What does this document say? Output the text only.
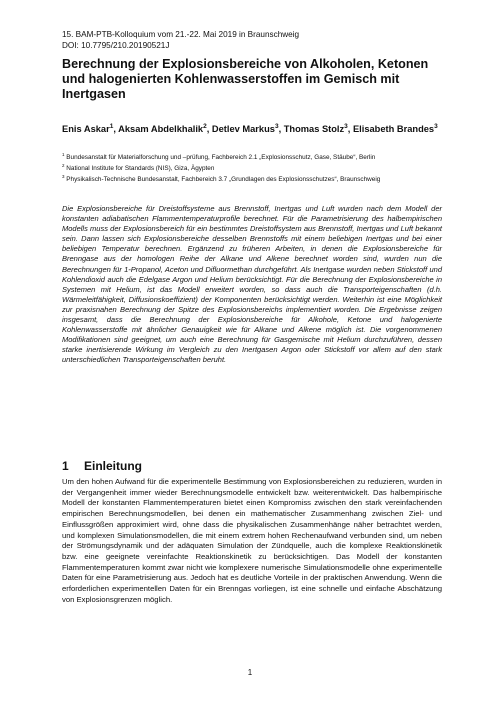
15. BAM-PTB-Kolloquium vom 21.-22. Mai 2019 in Braunschweig
DOI: 10.7795/210.20190521J
Berechnung der Explosionsbereiche von Alkoholen, Ketonen und halogenierten Kohlenwasserstoffen im Gemisch mit Inertgasen
Enis Askar$^1$, Aksam Abdelkhalik$^2$, Detlev Markus$^3$, Thomas Stolz$^3$, Elisabeth Brandes$^3$
$^1$ Bundesanstalt für Materialforschung und –prüfung, Fachbereich 2.1 „Explosionsschutz, Gase, Stäube“, Berlin
$^2$ National Institute for Standards (NIS), Giza, Ägypten
$^3$ Physikalisch-Technische Bundesanstalt, Fachbereich 3.7 „Grundlagen des Explosionsschutzes“, Braunschweig

Die Explosionsbereiche für Dreistoffsysteme aus Brennstoff, Inertgas und Luft wurden nach dem Modell der konstanten adiabatischen Flammentemperaturprofile berechnet. Für die Parametrisierung des halbempirischen Modells muss der Explosionsbereich für ein bestimmtes Dreistoffsystem aus Brennstoff, Inertgas und Luft bekannt sein. Dann lassen sich Explosionsbereiche desselben Brennstoffs mit einem beliebigen Inertgas und bei einer beliebigen Temperatur berechnen. Ergänzend zu früheren Arbeiten, in denen die Explosionsbereiche für Brenngase aus der homologen Reihe der Alkane und Alkene berechnet worden sind, wurden nun die Berechnungen für 1-Propanol, Aceton und Difluormethan durchgeführt. Als Inertgase wurden neben Stickstoff und Kohlendioxid auch die Edelgase Argon und Helium berücksichtigt. Für die Berechnung der Explosionsbereiche in Systemen mit Helium, ist das Modell erweitert worden, so dass auch die Transporteigenschaften (d.h. Wärmeleitfähigkeit, Diffusionskoeffizient) der Komponenten berücksichtigt werden. Weiterhin ist eine Möglichkeit zur praxisnahen Berechnung der Spitze des Explosionsbereichs implementiert worden. Die Ergebnisse zeigen insgesamt, dass die Berechnung der Explosionsbereiche für Alkohole, Ketone und halogenierte Kohlenwasserstoffe mit ähnlicher Genauigkeit wie für Alkane und Alkene möglich ist. Die vorgenommenen Modifikationen sind geeignet, um auch eine Berechnung für Gasgemische mit Helium durchzuführen, dessen starke inertisierende Wirkung im Vergleich zu den Inertgasen Argon oder Stickstoff vor allem auf den stark unterschiedlichen Transporteigenschaften beruht.

1 Einleitung

Um den hohen Aufwand für die experimentelle Bestimmung von Explosionsbereichen zu reduzieren, wurden in der Vergangenheit immer wieder Berechnungsmodelle entwickelt bzw. weiterentwickelt. Das halbempirische Modell der konstanten Flammentemperaturen bietet einen Kompromiss zwischen den stark vereinfachenden empirischen Berechnungsmodellen, bei denen ein mathematischer Zusammenhang zwischen Ziel- und Einflussgrößen approximiert wird, ohne dass die physikalischen Zusammenhänge näher betrachtet werden, und komplexen Simulationsmodellen, die mit einem extrem hohen Rechenaufwand verbunden sind, um neben der Strömungsdynamik und der adäquaten Simulation der Zündquelle, auch die komplexe Reaktionskinetik bzw. eine geeignete vereinfachte Reaktionskinetik zu berücksichtigen. Das Modell der konstanten Flammentemperaturen kommt zwar nicht wie komplexere numerische Simulationsmodelle ohne experimentelle Daten für eine Parametrisierung aus. Jedoch hat es deutliche Vorteile in der praktischen Anwendung. Wenn die erforderlichen experimentellen Daten für ein Brenngas vorliegen, ist eine schnelle und einfache Abschätzung von Explosionsgrenzen möglich.

1
